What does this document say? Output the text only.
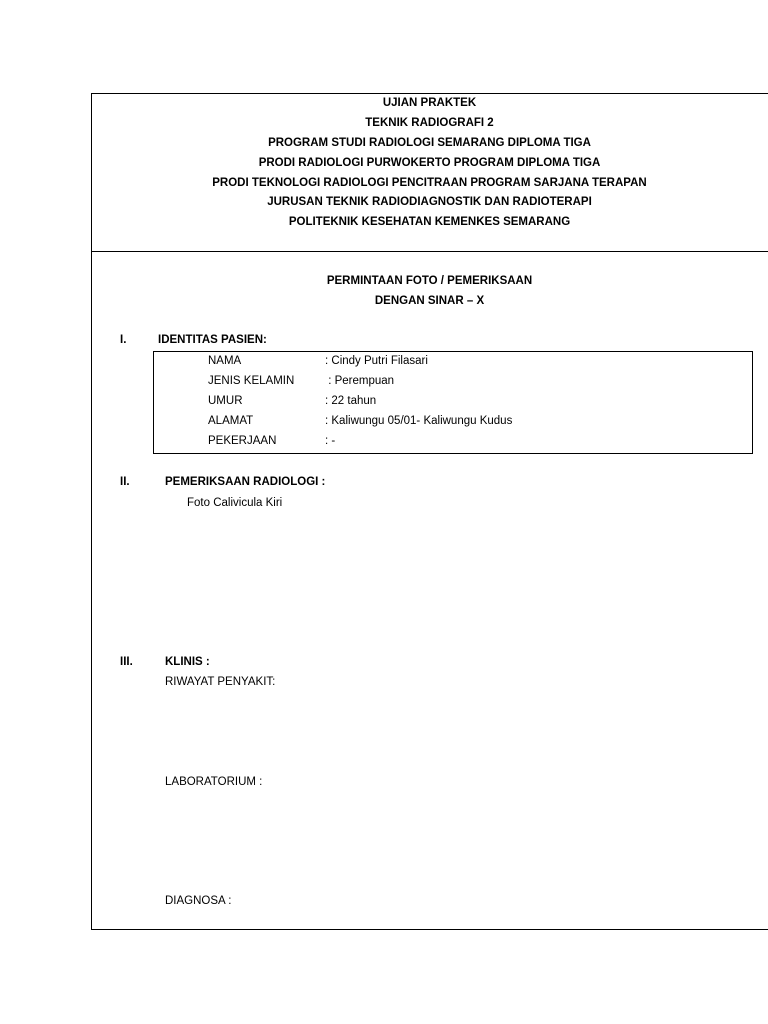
UJIAN PRAKTEK
TEKNIK RADIOGRAFI 2
PROGRAM STUDI RADIOLOGI SEMARANG DIPLOMA TIGA
PRODI RADIOLOGI PURWOKERTO PROGRAM DIPLOMA TIGA
PRODI TEKNOLOGI RADIOLOGI PENCITRAAN PROGRAM SARJANA TERAPAN
JURUSAN TEKNIK RADIODIAGNOSTIK DAN RADIOTERAPI
POLITEKNIK KESEHATAN KEMENKES SEMARANG
PERMINTAAN FOTO / PEMERIKSAAN
DENGAN SINAR – X
I.	IDENTITAS PASIEN:
NAMA	: Cindy Putri Filasari
JENIS KELAMIN	: Perempuan
UMUR	: 22 tahun
ALAMAT	: Kaliwungu 05/01- Kaliwungu Kudus
PEKERJAAN	: -
II.	PEMERIKSAAN RADIOLOGI :
Foto Calivicula Kiri
III.	KLINIS :
RIWAYAT PENYAKIT:
LABORATORIUM :
DIAGNOSA :
